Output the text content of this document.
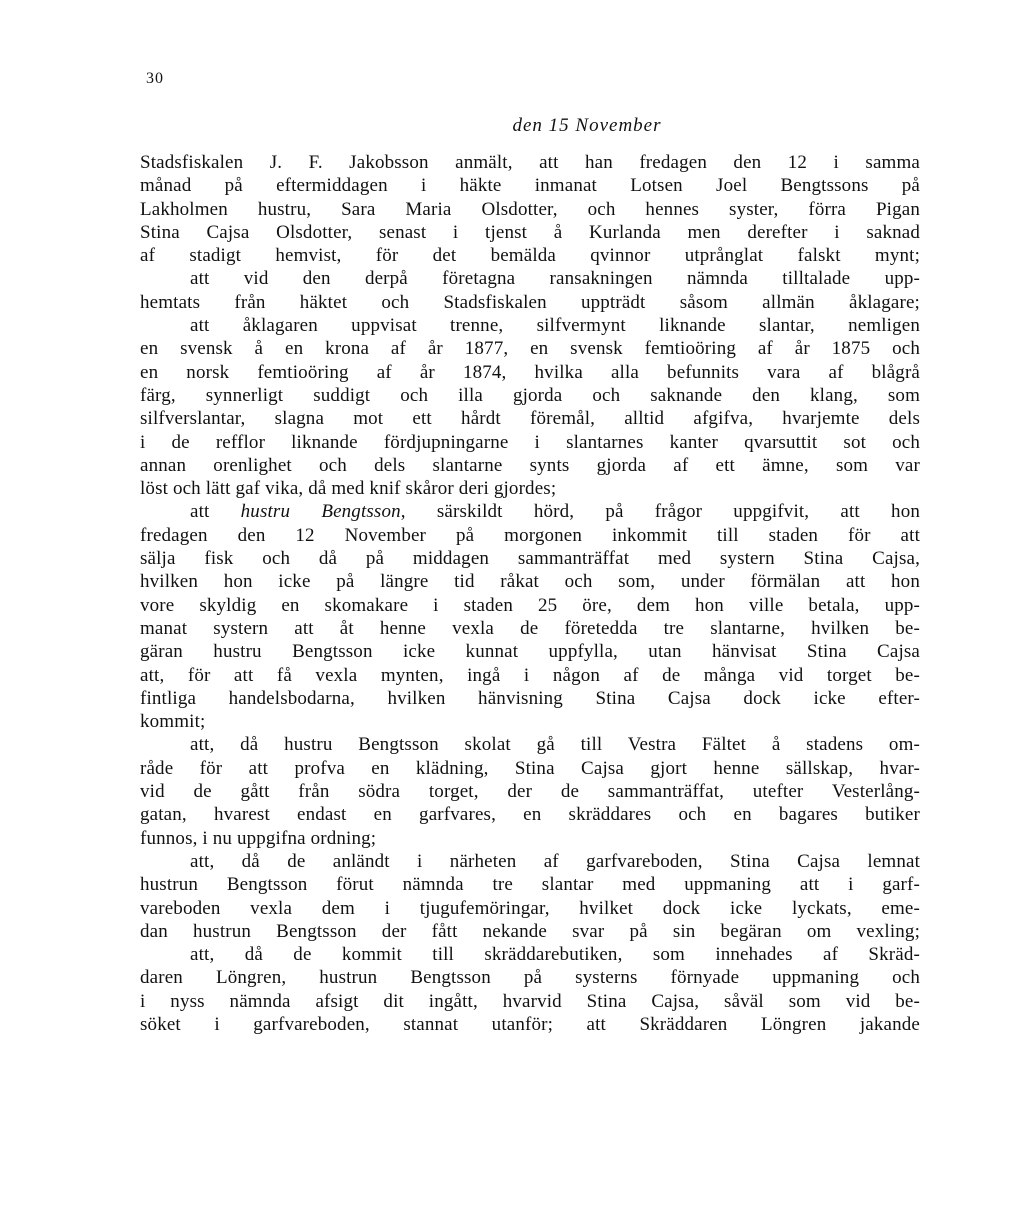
30
den 15 November
Stadsfiskalen J. F. Jakobsson anmält, att han fredagen den 12 i samma
månad på eftermiddagen i häkte inmanat Lotsen Joel Bengtssons på
Lakholmen hustru, Sara Maria Olsdotter, och hennes syster, förra Pigan
Stina Cajsa Olsdotter, senast i tjenst å Kurlanda men derefter i saknad
af stadigt hemvist, för det bemälda qvinnor utprånglat falskt mynt;
att vid den derpå företagna ransakningen nämnda tilltalade upp-
hemtats från häktet och Stadsfiskalen uppträdt såsom allmän åklagare;
att åklagaren uppvisat trenne, silfvermynt liknande slantar, nemligen
en svensk å en krona af år 1877, en svensk femtioöring af år 1875 och
en norsk femtioöring af år 1874, hvilka alla befunnits vara af blågrå
färg, synnerligt suddigt och illa gjorda och saknande den klang, som
silfverslantar, slagna mot ett hårdt föremål, alltid afgifva, hvarjemte dels
i de refflor liknande fördjupningarne i slantarnes kanter qvarsuttit sot och
annan orenlighet och dels slantarne synts gjorda af ett ämne, som var
löst och lätt gaf vika, då med knif skåror deri gjordes;
att hustru Bengtsson, särskildt hörd, på frågor uppgifvit, att hon
fredagen den 12 November på morgonen inkommit till staden för att
sälja fisk och då på middagen sammanträffat med systern Stina Cajsa,
hvilken hon icke på längre tid råkat och som, under förmälan att hon
vore skyldig en skomakare i staden 25 öre, dem hon ville betala, upp-
manat systern att åt henne vexla de företedda tre slantarne, hvilken be-
gäran hustru Bengtsson icke kunnat uppfylla, utan hänvisat Stina Cajsa
att, för att få vexla mynten, ingå i någon af de många vid torget be-
fintliga handelsbodarna, hvilken hänvisning Stina Cajsa dock icke efter-
kommit;
att, då hustru Bengtsson skolat gå till Vestra Fältet å stadens om-
råde för att profva en klädning, Stina Cajsa gjort henne sällskap, hvar-
vid de gått från södra torget, der de sammanträffat, utefter Vesterlång-
gatan, hvarest endast en garfvares, en skräddares och en bagares butiker
funnos, i nu uppgifna ordning;
att, då de anländt i närheten af garfvareboden, Stina Cajsa lemnat
hustrun Bengtsson förut nämnda tre slantar med uppmaning att i garf-
vareboden vexla dem i tjugufemöringar, hvilket dock icke lyckats, eme-
dan hustrun Bengtsson der fått nekande svar på sin begäran om vexling;
att, då de kommit till skräddarebutiken, som innehades af Skräd-
daren Löngren, hustrun Bengtsson på systerns förnyade uppmaning och
i nyss nämnda afsigt dit ingått, hvarvid Stina Cajsa, såväl som vid be-
söket i garfvareboden, stannat utanför; att Skräddaren Löngren jakande
